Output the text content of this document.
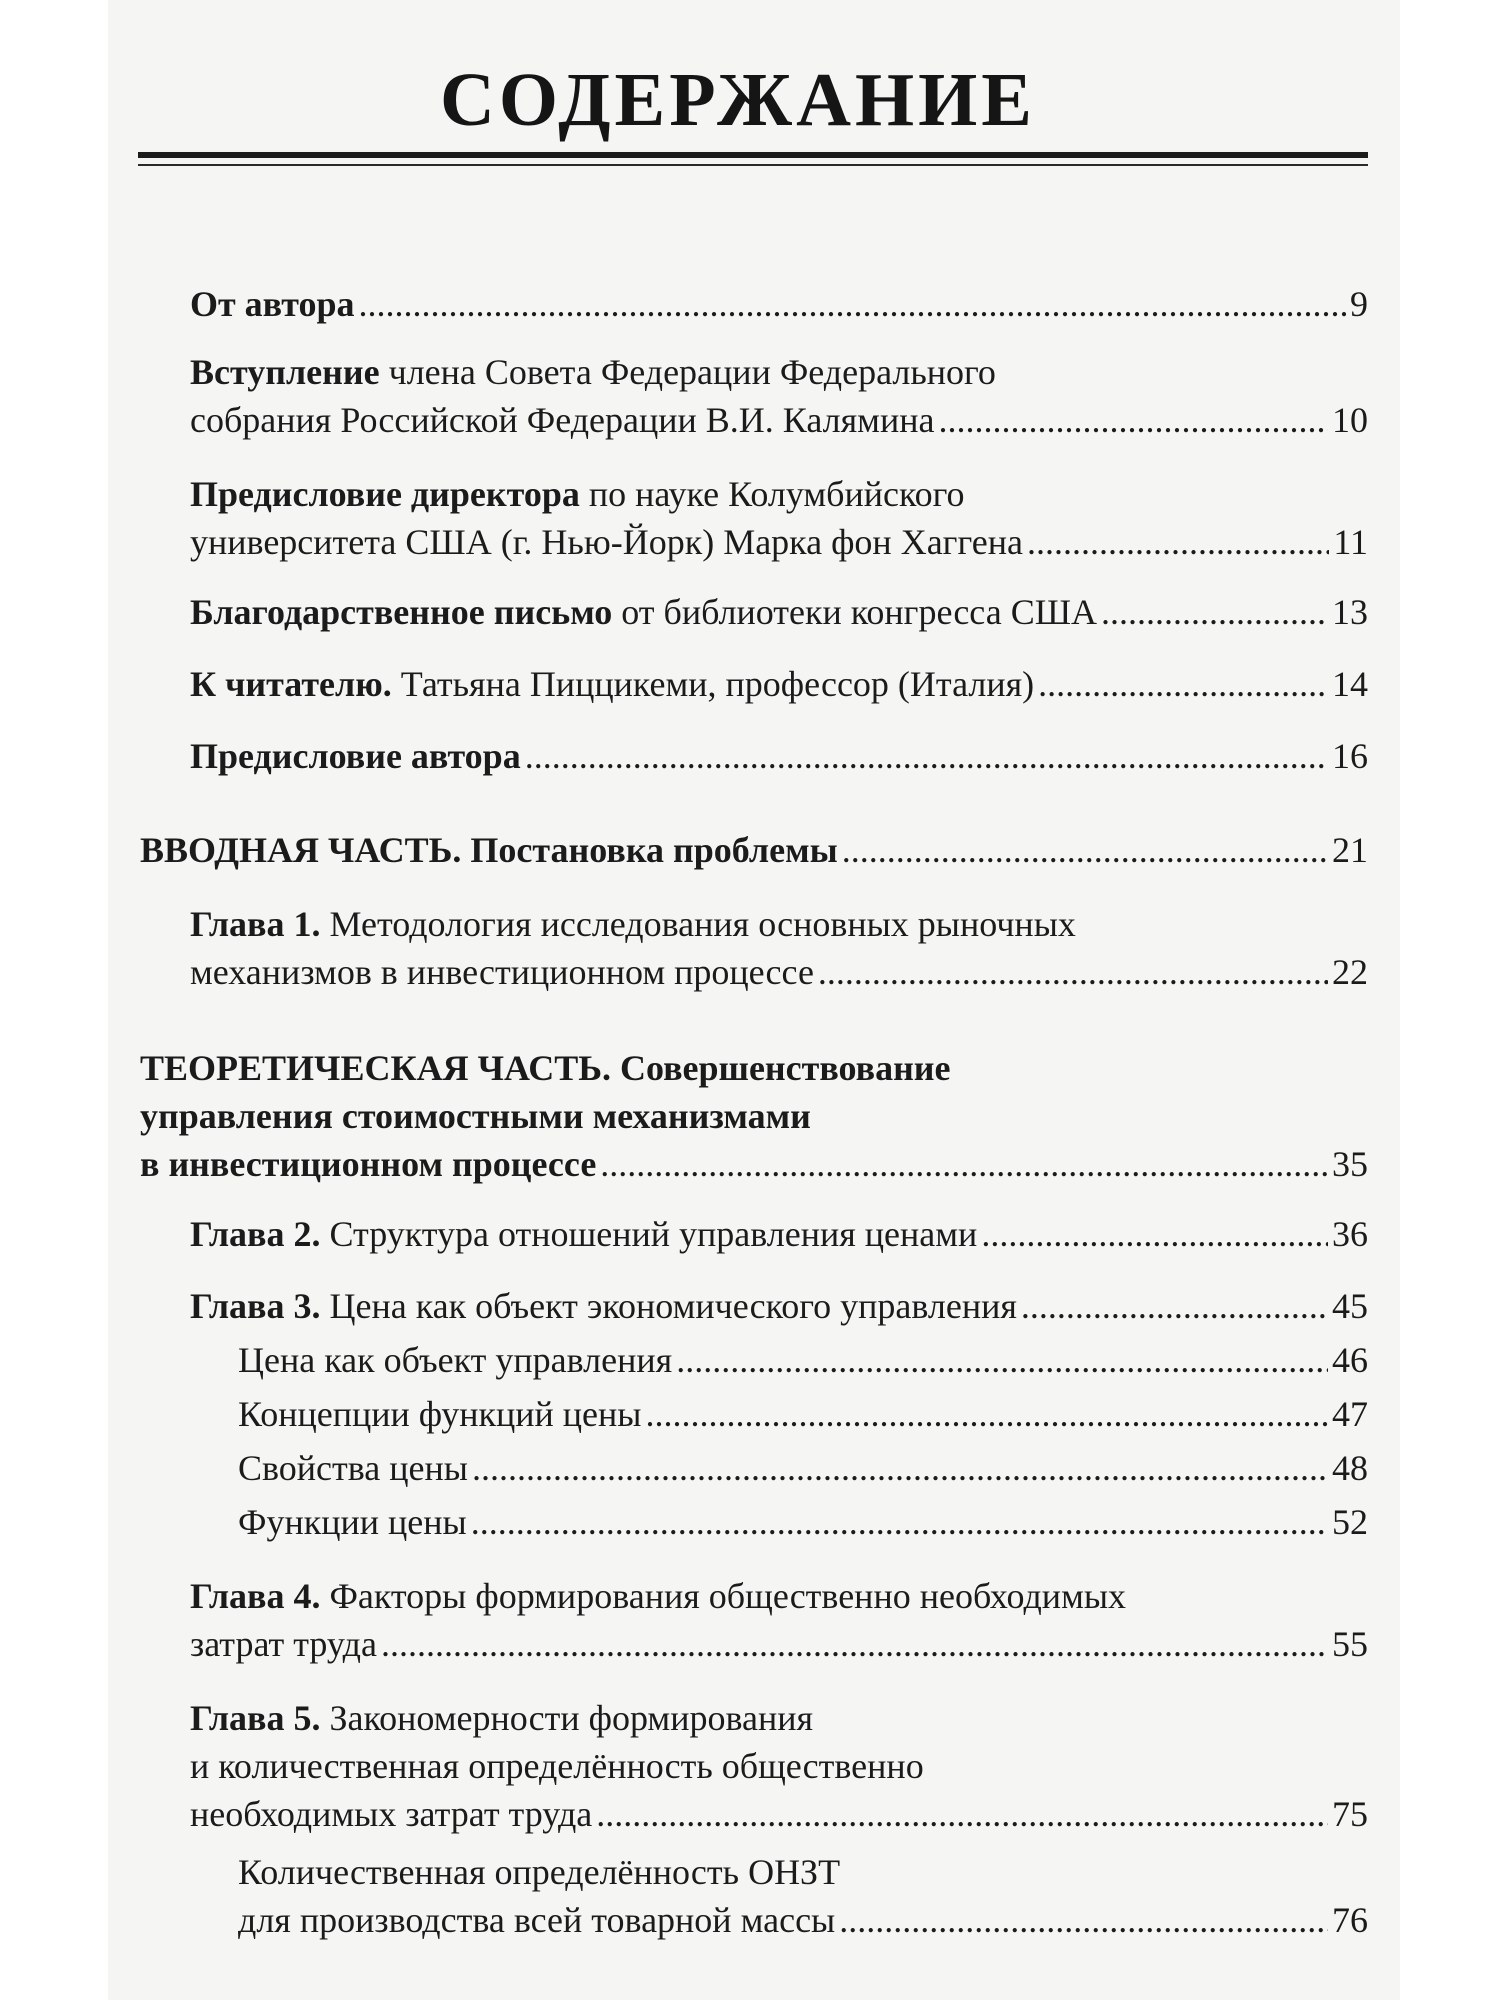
СОДЕРЖАНИЕ
От автора .....	9
Вступление члена Совета Федерации Федерального
собрания Российской Федерации В.И. Калямина .....	10
Предисловие директора по науке Колумбийского
университета США (г. Нью-Йорк) Марка фон Хаггена .....	11
Благодарственное письмо от библиотеки конгресса США .....	13
К читателю. Татьяна Пиццикеми, профессор (Италия) .....	14
Предисловие автора .....	16
ВВОДНАЯ ЧАСТЬ. Постановка проблемы .....	21
Глава 1. Методология исследования основных рыночных
механизмов в инвестиционном процессе .....	22
ТЕОРЕТИЧЕСКАЯ ЧАСТЬ. Совершенствование
управления стоимостными механизмами
в инвестиционном процессе .....	35
Глава 2. Структура отношений управления ценами .....	36
Глава 3. Цена как объект экономического управления .....	45
Цена как объект управления .....	46
Концепции функций цены .....	47
Свойства цены .....	48
Функции цены .....	52
Глава 4. Факторы формирования общественно необходимых
затрат труда .....	55
Глава 5. Закономерности формирования
и количественная определённость общественно
необходимых затрат труда .....	75
Количественная определённость ОНЗТ
для производства всей товарной массы .....	76
